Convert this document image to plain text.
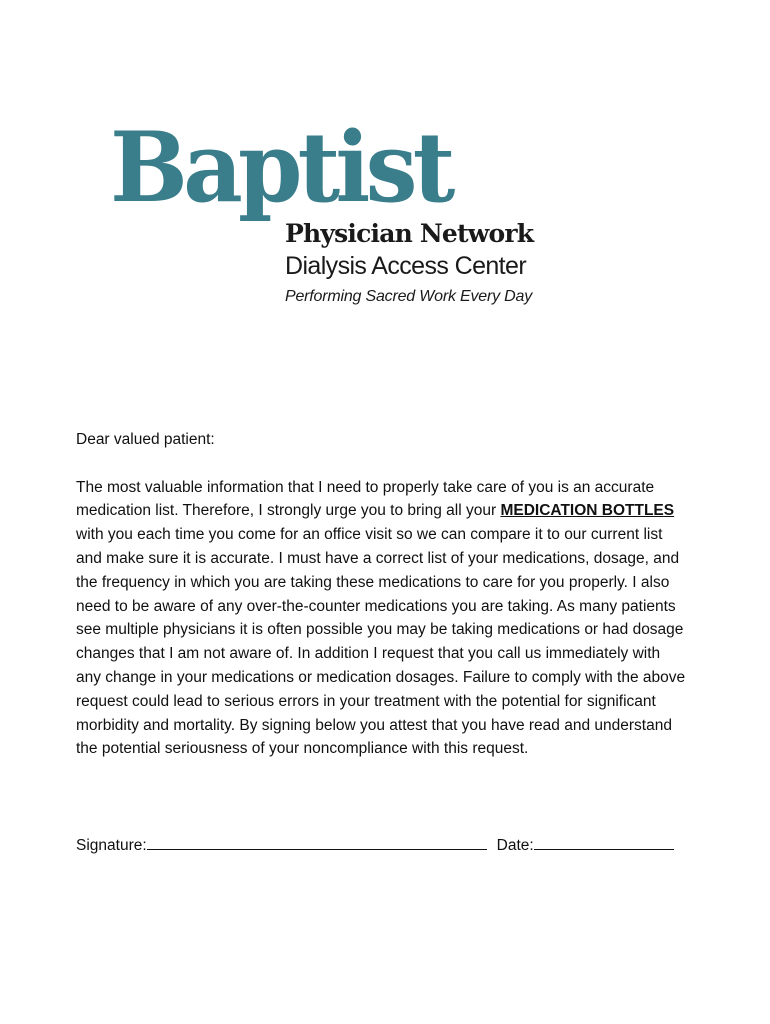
Baptist
Physician Network
Dialysis Access Center
Performing Sacred Work Every Day

Dear valued patient:

The most valuable information that I need to properly take care of you is an accurate medication list. Therefore, I strongly urge you to bring all your MEDICATION BOTTLES with you each time you come for an office visit so we can compare it to our current list and make sure it is accurate. I must have a correct list of your medications, dosage, and the frequency in which you are taking these medications to care for you properly. I also need to be aware of any over-the-counter medications you are taking. As many patients see multiple physicians it is often possible you may be taking medications or had dosage changes that I am not aware of. In addition I request that you call us immediately with any change in your medications or medication dosages. Failure to comply with the above request could lead to serious errors in your treatment with the potential for significant morbidity and mortality. By signing below you attest that you have read and understand the potential seriousness of your noncompliance with this request.

Signature:	Date:
